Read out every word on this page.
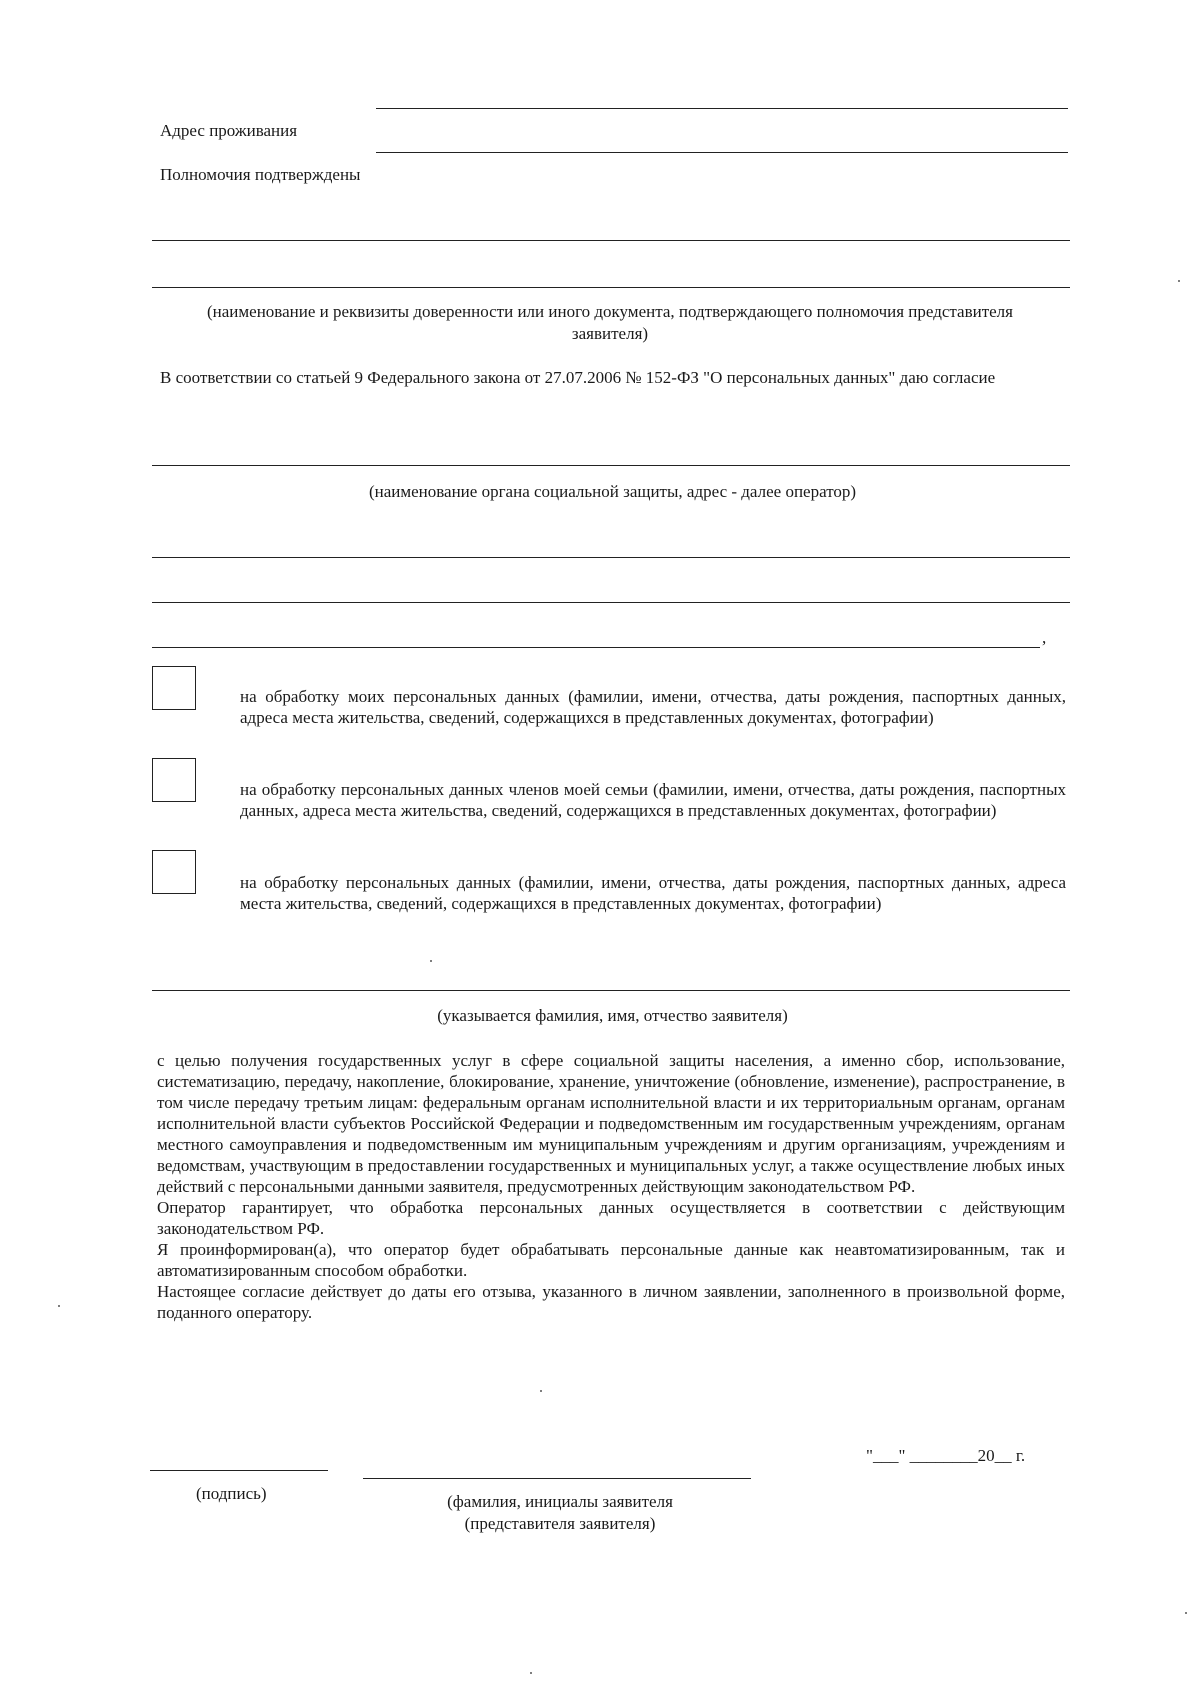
Адрес проживания
Полномочия подтверждены
(наименование и реквизиты доверенности или иного документа, подтверждающего полномочия представителя заявителя)
В соответствии со статьей 9 Федерального закона от 27.07.2006 № 152-ФЗ "О персональных данных" даю согласие
(наименование органа социальной защиты, адрес - далее оператор)
,
на обработку моих персональных данных (фамилии, имени, отчества, даты рождения, паспортных данных, адреса места жительства, сведений, содержащихся в представленных документах, фотографии)
на обработку персональных данных членов моей семьи (фамилии, имени, отчества, даты рождения, паспортных данных, адреса места жительства, сведений, содержащихся в представленных документах, фотографии)
на обработку персональных данных (фамилии, имени, отчества, даты рождения, паспортных данных, адреса места жительства, сведений, содержащихся в представленных документах, фотографии)
(указывается фамилия, имя, отчество заявителя)

с целью получения государственных услуг в сфере социальной защиты населения, а именно сбор, использование, систематизацию, передачу, накопление, блокирование, хранение, уничтожение (обновление, изменение), распространение, в том числе передачу третьим лицам: федеральным органам исполнительной власти и их территориальным органам, органам исполнительной власти субъектов Российской Федерации и подведомственным им государственным учреждениям, органам местного самоуправления и подведомственным им муниципальным учреждениям и другим организациям, учреждениям и ведомствам, участвующим в предоставлении государственных и муниципальных услуг, а также осуществление любых иных действий с персональными данными заявителя, предусмотренных действующим законодательством РФ.

Оператор гарантирует, что обработка персональных данных осуществляется в соответствии с действующим законодательством РФ.

Я проинформирован(а), что оператор будет обрабатывать персональные данные как неавтоматизированным, так и автоматизированным способом обработки.

Настоящее согласие действует до даты его отзыва, указанного в личном заявлении, заполненного в произвольной форме, поданного оператору.

"___" ________20__ г.
(подпись)	(фамилия, инициалы заявителя
(представителя заявителя)
